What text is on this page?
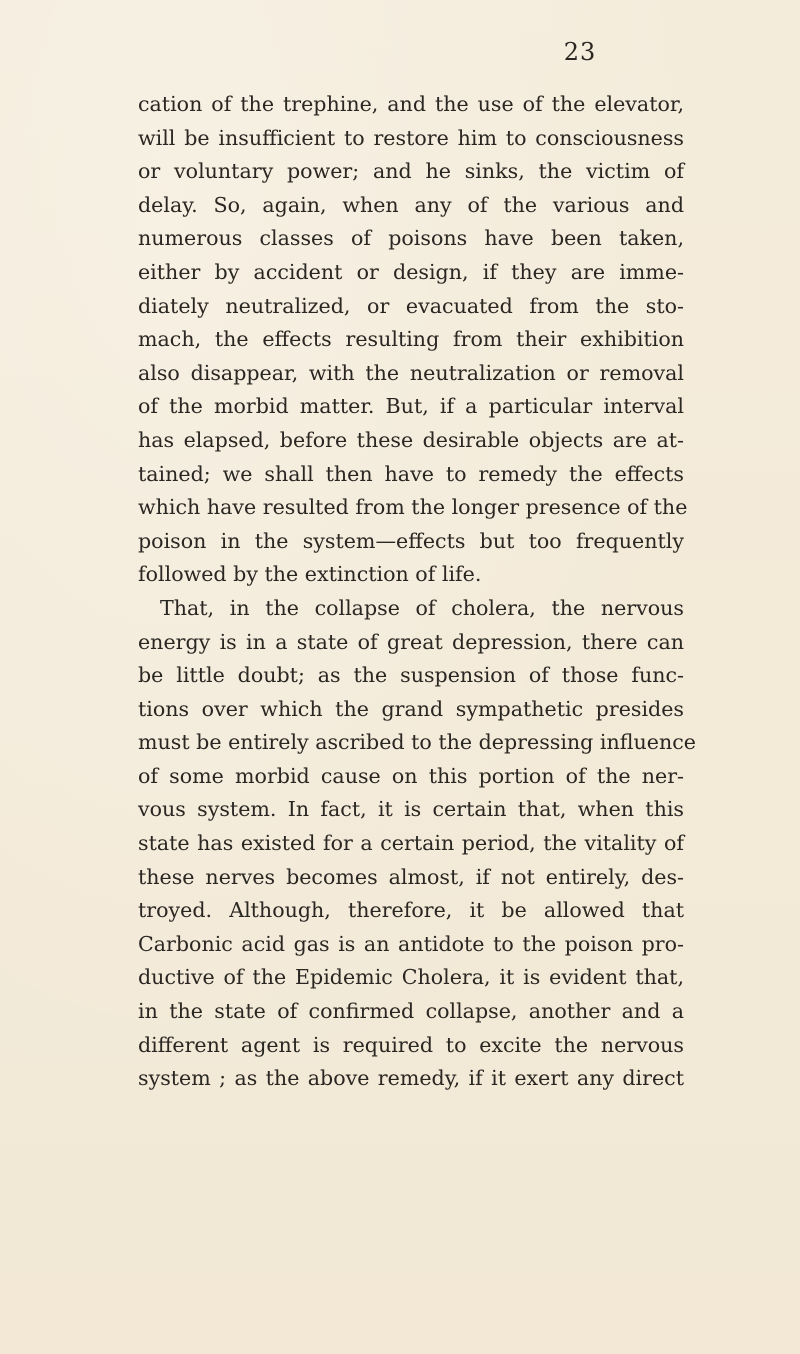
23
cation of the trephine, and the use of the elevator,
will be insufficient to restore him to consciousness
or voluntary power; and he sinks, the victim of
delay. So, again, when any of the various and
numerous classes of poisons have been taken,
either by accident or design, if they are imme-
diately neutralized, or evacuated from the sto-
mach, the effects resulting from their exhibition
also disappear, with the neutralization or removal
of the morbid matter. But, if a particular interval
has elapsed, before these desirable objects are at-
tained; we shall then have to remedy the effects
which have resulted from the longer presence of the
poison in the system—effects but too frequently
followed by the extinction of life.
That, in the collapse of cholera, the nervous
energy is in a state of great depression, there can
be little doubt; as the suspension of those func-
tions over which the grand sympathetic presides
must be entirely ascribed to the depressing influence
of some morbid cause on this portion of the ner-
vous system. In fact, it is certain that, when this
state has existed for a certain period, the vitality of
these nerves becomes almost, if not entirely, des-
troyed. Although, therefore, it be allowed that
Carbonic acid gas is an antidote to the poison pro-
ductive of the Epidemic Cholera, it is evident that,
in the state of confirmed collapse, another and a
different agent is required to excite the nervous
system ; as the above remedy, if it exert any direct
